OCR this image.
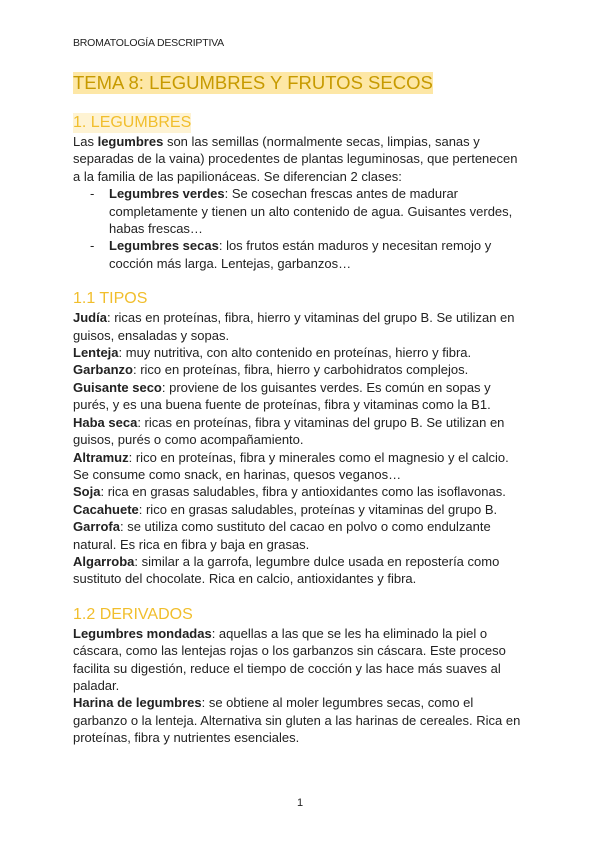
BROMATOLOGÍA DESCRIPTIVA
TEMA 8: LEGUMBRES Y FRUTOS SECOS
1. LEGUMBRES

Las legumbres son las semillas (normalmente secas, limpias, sanas y separadas de la vaina) procedentes de plantas leguminosas, que pertenecen a la familia de las papilionáceas. Se diferencian 2 clases:

- Legumbres verdes: Se cosechan frescas antes de madurar completamente y tienen un alto contenido de agua. Guisantes verdes, habas frescas…
- Legumbres secas: los frutos están maduros y necesitan remojo y cocción más larga. Lentejas, garbanzos…
1.1 TIPOS

Judía: ricas en proteínas, fibra, hierro y vitaminas del grupo B. Se utilizan en guisos, ensaladas y sopas.

Lenteja: muy nutritiva, con alto contenido en proteínas, hierro y fibra.

Garbanzo: rico en proteínas, fibra, hierro y carbohidratos complejos.

Guisante seco: proviene de los guisantes verdes. Es común en sopas y purés, y es una buena fuente de proteínas, fibra y vitaminas como la B1.

Haba seca: ricas en proteínas, fibra y vitaminas del grupo B. Se utilizan en guisos, purés o como acompañamiento.

Altramuz: rico en proteínas, fibra y minerales como el magnesio y el calcio. Se consume como snack, en harinas, quesos veganos…

Soja: rica en grasas saludables, fibra y antioxidantes como las isoflavonas.

Cacahuete: rico en grasas saludables, proteínas y vitaminas del grupo B.

Garrofa: se utiliza como sustituto del cacao en polvo o como endulzante natural. Es rica en fibra y baja en grasas.

Algarroba: similar a la garrofa, legumbre dulce usada en repostería como sustituto del chocolate. Rica en calcio, antioxidantes y fibra.

1.2 DERIVADOS

Legumbres mondadas: aquellas a las que se les ha eliminado la piel o cáscara, como las lentejas rojas o los garbanzos sin cáscara. Este proceso facilita su digestión, reduce el tiempo de cocción y las hace más suaves al paladar.

Harina de legumbres: se obtiene al moler legumbres secas, como el garbanzo o la lenteja. Alternativa sin gluten a las harinas de cereales. Rica en proteínas, fibra y nutrientes esenciales.

1
